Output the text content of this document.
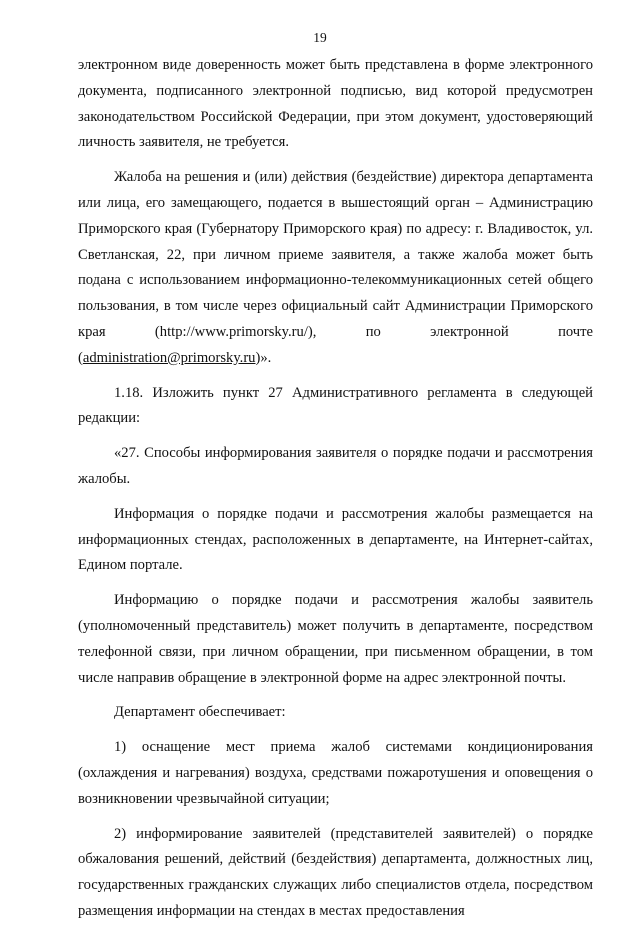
19

электронном виде доверенность может быть представлена в форме электронного документа, подписанного электронной подписью, вид которой предусмотрен законодательством Российской Федерации, при этом документ, удостоверяющий личность заявителя, не требуется.

Жалоба на решения и (или) действия (бездействие) директора департамента или лица, его замещающего, подается в вышестоящий орган – Администрацию Приморского края (Губернатору Приморского края) по адресу: г. Владивосток, ул. Светланская, 22, при личном приеме заявителя, а также жалоба может быть подана с использованием информационно-телекоммуникационных сетей общего пользования, в том числе через официальный сайт Администрации Приморского края (http://www.primorsky.ru/), по электронной почте (administration@primorsky.ru)».

1.18. Изложить пункт 27 Административного регламента в следующей редакции:

«27. Способы информирования заявителя о порядке подачи и рассмотрения жалобы.

Информация о порядке подачи и рассмотрения жалобы размещается на информационных стендах, расположенных в департаменте, на Интернет-сайтах, Едином портале.

Информацию о порядке подачи и рассмотрения жалобы заявитель (уполномоченный представитель) может получить в департаменте, посредством телефонной связи, при личном обращении, при письменном обращении, в том числе направив обращение в электронной форме на адрес электронной почты.

Департамент обеспечивает:

1) оснащение мест приема жалоб системами кондиционирования (охлаждения и нагревания) воздуха, средствами пожаротушения и оповещения о возникновении чрезвычайной ситуации;

2) информирование заявителей (представителей заявителей) о порядке обжалования решений, действий (бездействия) департамента, должностных лиц, государственных гражданских служащих либо специалистов отдела, посредством размещения информации на стендах в местах предоставления
